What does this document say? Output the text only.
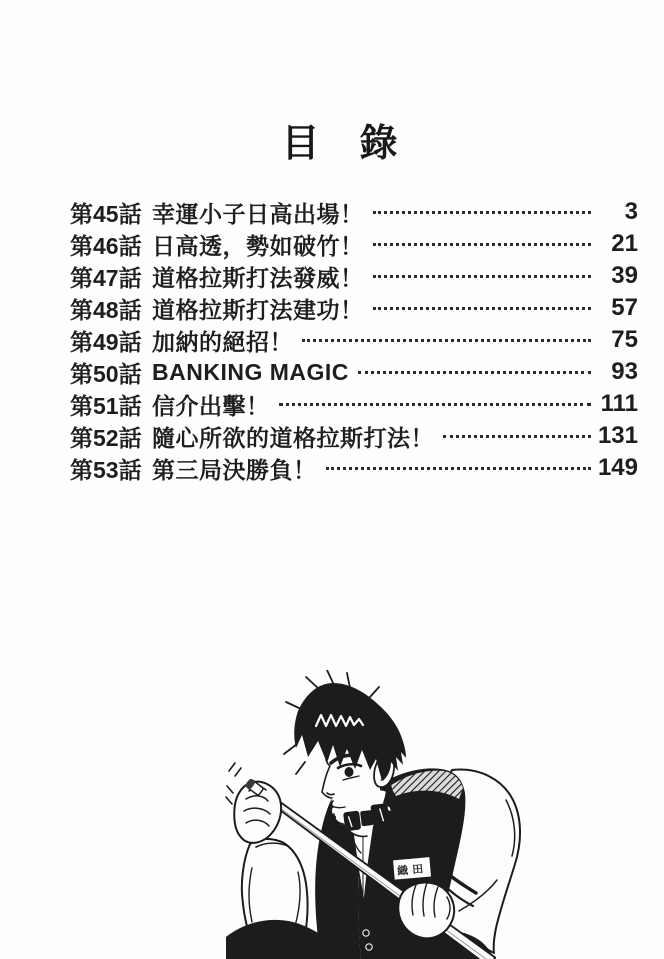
目　錄
第45話 幸運小子日高出場！	3
第46話 日高透，勢如破竹！	21
第47話 道格拉斯打法發威！	39
第48話 道格拉斯打法建功！	57
第49話 加納的絕招！	75
第50話 BANKING MAGIC	93
第51話 信介出擊！	111
第52話 隨心所欲的道格拉斯打法！	131
第53話 第三局決勝負！	149
織田
